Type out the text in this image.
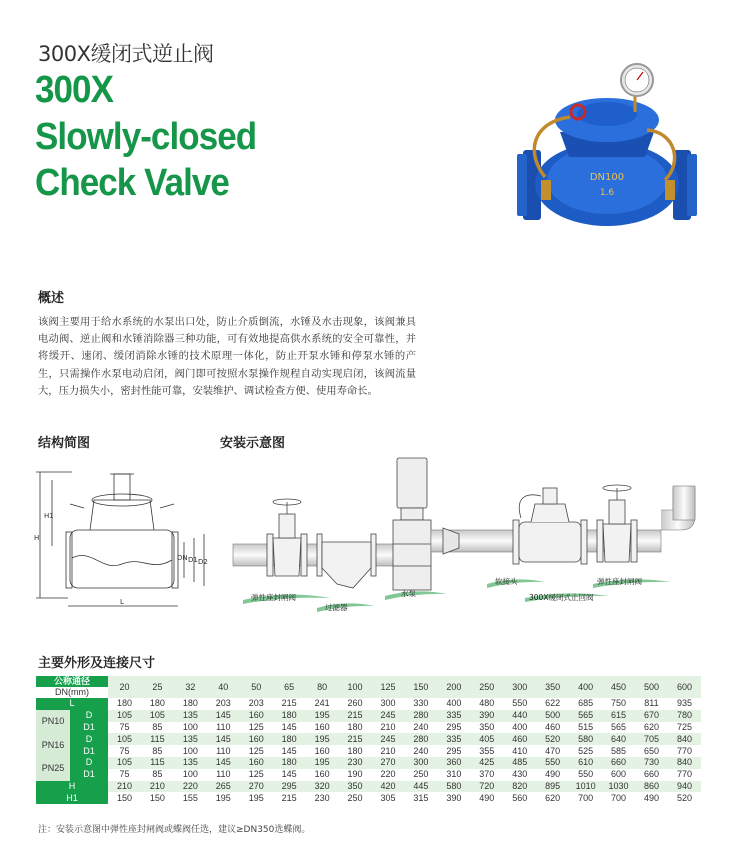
300X缓闭式逆止阀
300X
Slowly-closed
Check Valve	DN100
1.6
概述
该阀主要用于给水系统的水泵出口处，防止介质倒流，水锤及水击现象，该阀兼具电动阀、逆止阀和水锤消除器三种功能，可有效地提高供水系统的安全可靠性，并将缓开、速闭、缓闭消除水锤的技术原理一体化，防止开泵水锤和停泵水锤的产生，只需操作水泵电动启闭，阀门即可按照水泵操作规程自动实现启闭，该阀流量大，压力损失小，密封性能可靠，安装维护、调试检查方便、使用寿命长。
结构简图
H
H1
L
DN D1 D2
安装示意图
弹性座封闸阀
过滤器
水泵
软接头
300X缓闭式止回阀
弹性座封闸阀
主要外形及连接尺寸
公称通径
DN(mm)		20	25	32	40	50	65	80	100	125	150	200	250	300	350	400	450	500	600
L		180	180	180	203	203	215	241	260	300	330	400	480	550	622	685	750	811	935
PN10	D	105	105	135	145	160	180	195	215	245	280	335	390	440	500	565	615	670	780
	D1	75	85	100	110	125	145	160	180	210	240	295	350	400	460	515	565	620	725
PN16	D	105	115	135	145	160	180	195	215	245	280	335	405	460	520	580	640	705	840
	D1	75	85	100	110	125	145	160	180	210	240	295	355	410	470	525	585	650	770
PN25	D	105	115	135	145	160	180	195	230	270	300	360	425	485	550	610	660	730	840
	D1	75	85	100	110	125	145	160	190	220	250	310	370	430	490	550	600	660	770
H		210	210	220	265	270	295	320	350	420	445	580	720	820	895	1010	1030	860	940
H1		150	150	155	195	195	215	230	250	305	315	390	490	560	620	700	700	490	520
注：安装示意图中弹性座封闸阀或蝶阀任选，建议≥DN350选蝶阀。
